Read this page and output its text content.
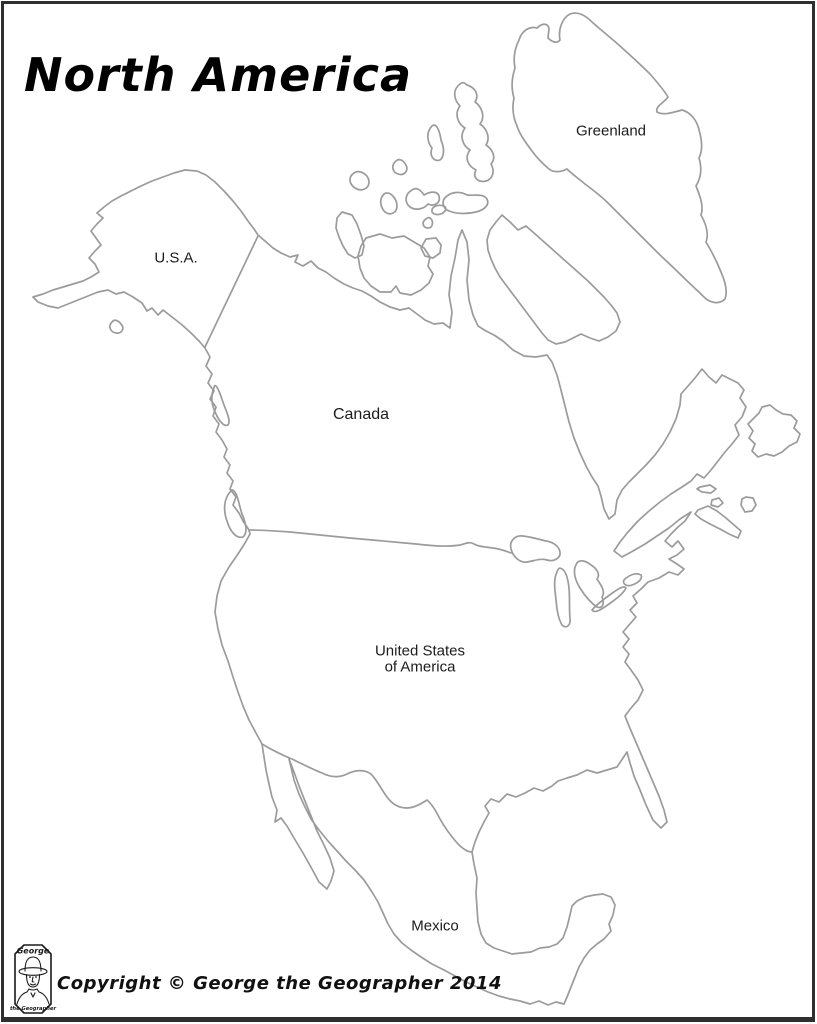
North America
Greenland
U.S.A.
Canada
United States
of America
Mexico
Copyright © George the Geographer 2014
George
the Geographer
